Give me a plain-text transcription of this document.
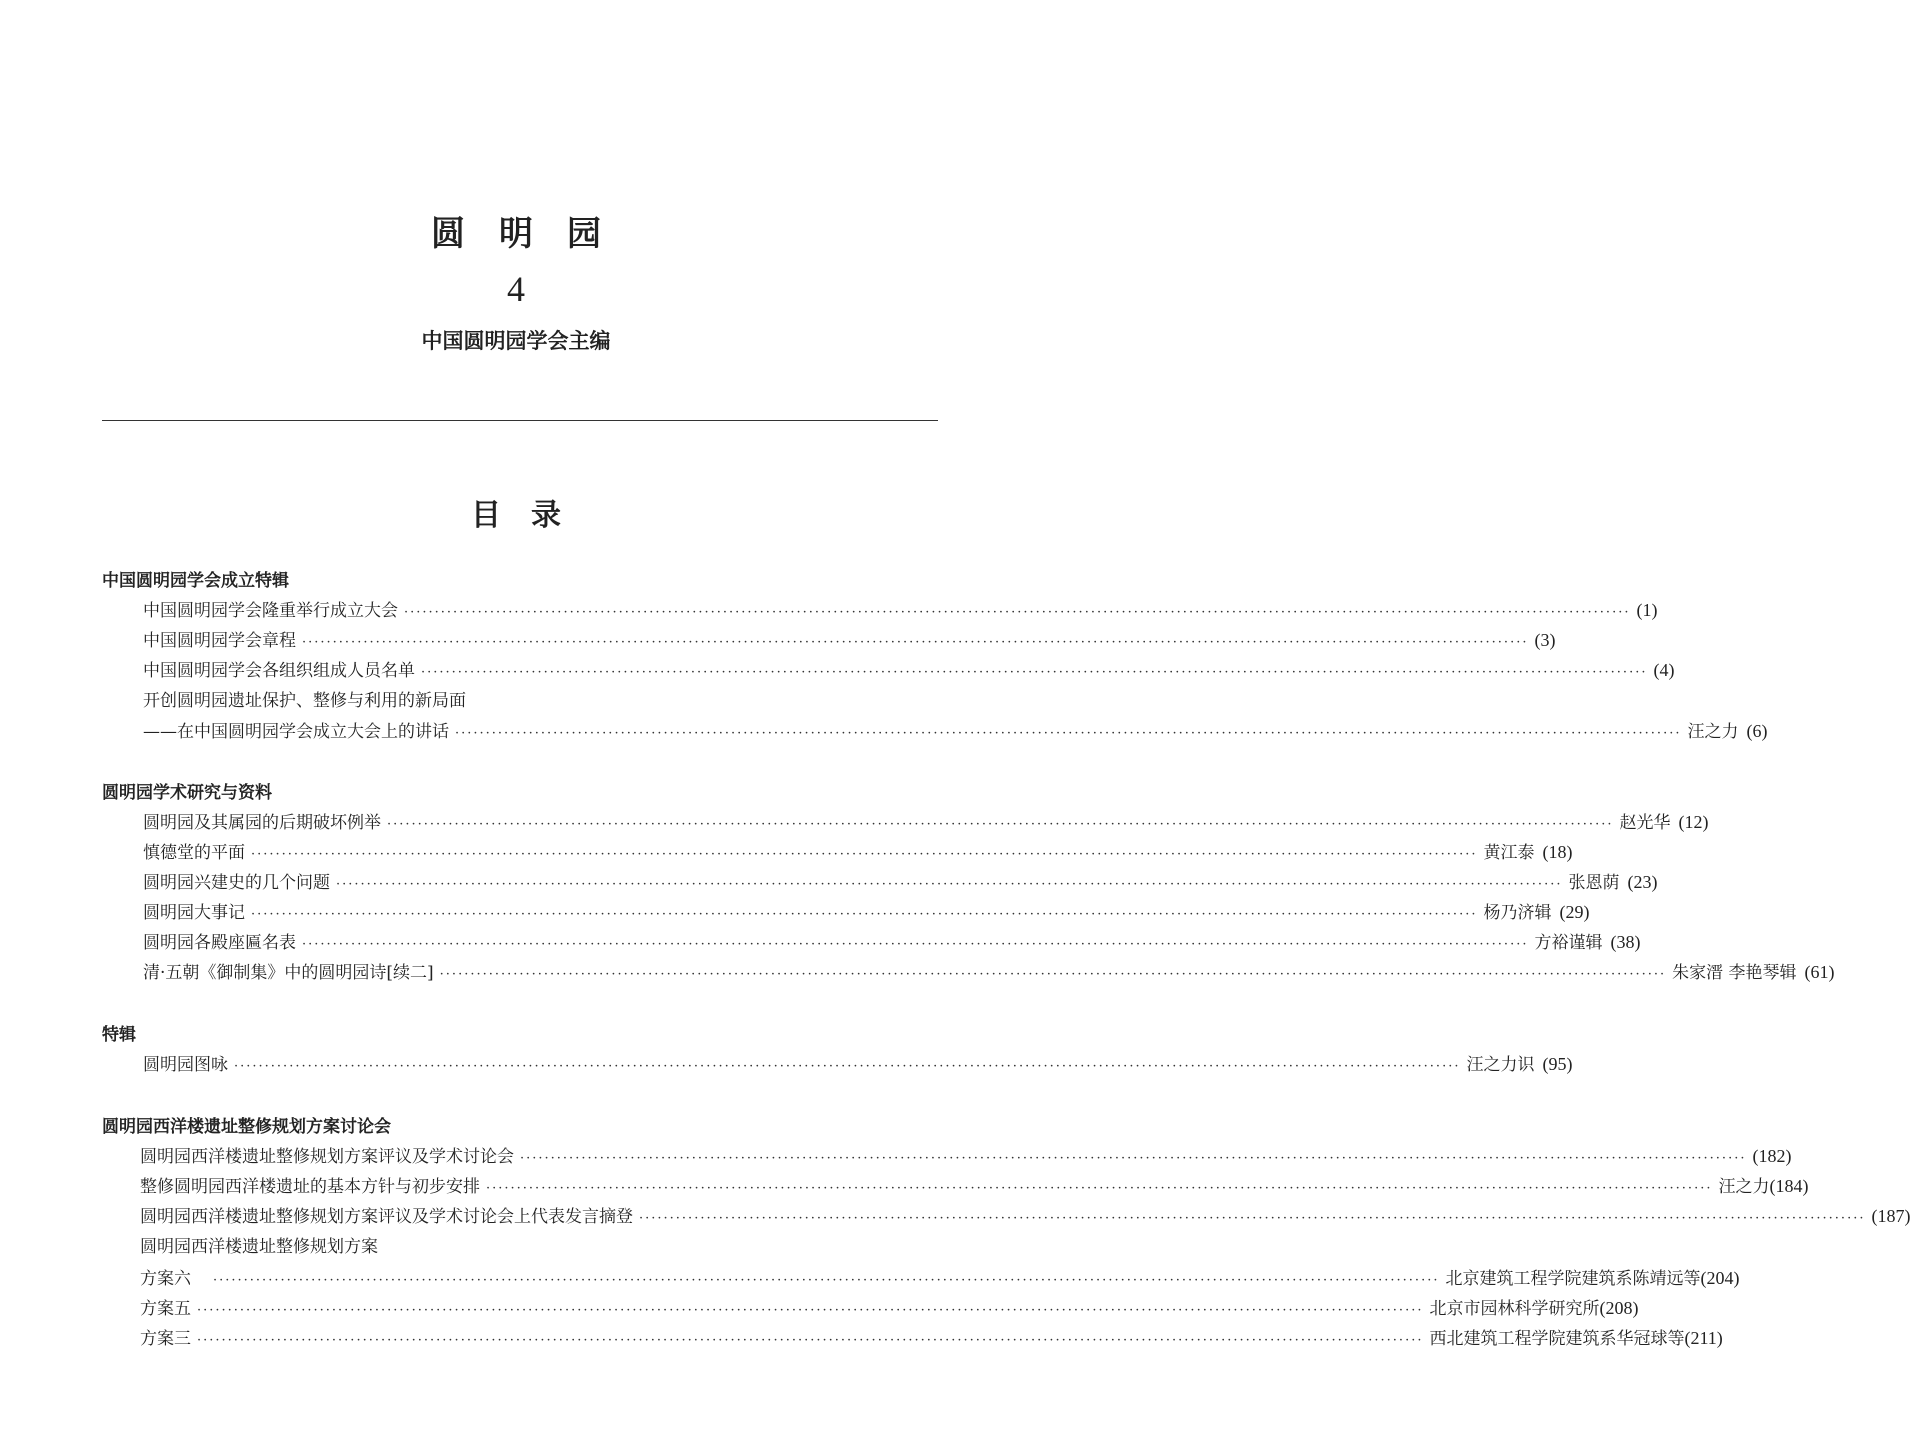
圆明园
4
中国圆明园学会主编
目录
中国圆明园学会成立特辑
中国圆明园学会隆重举行成立大会 ········································································································································································································ (1)
中国圆明园学会章程 ········································································································································································································ (3)
中国圆明园学会各组织组成人员名单 ········································································································································································································ (4)
开创圆明园遗址保护、整修与利用的新局面
——在中国圆明园学会成立大会上的讲话 ········································································································································································································ 汪之力 (6)
圆明园学术研究与资料
圆明园及其属园的后期破坏例举 ········································································································································································································ 赵光华 (12)
慎德堂的平面 ········································································································································································································ 黄江泰 (18)
圆明园兴建史的几个问题 ········································································································································································································ 张恩荫 (23)
圆明园大事记 ········································································································································································································ 杨乃济辑 (29)
圆明园各殿座匾名表 ········································································································································································································ 方裕谨辑 (38)
清·五朝《御制集》中的圆明园诗[续二] ········································································································································································································ 朱家溍 李艳琴辑 (61)
特辑
圆明园图咏 ········································································································································································································ 汪之力识 (95)
圆明园西洋楼遗址整修规划方案讨论会
圆明园西洋楼遗址整修规划方案评议及学术讨论会 ········································································································································································································ (182)
整修圆明园西洋楼遗址的基本方针与初步安排 ········································································································································································································ 汪之力 (184)
圆明园西洋楼遗址整修规划方案评议及学术讨论会上代表发言摘登 ········································································································································································································ (187)
圆明园西洋楼遗址整修规划方案
方案六 ········································································································································································································ 北京建筑工程学院建筑系陈靖远等 (204)
方案五 ········································································································································································································ 北京市园林科学研究所 (208)
方案三 ········································································································································································································ 西北建筑工程学院建筑系华冠球等 (211)
